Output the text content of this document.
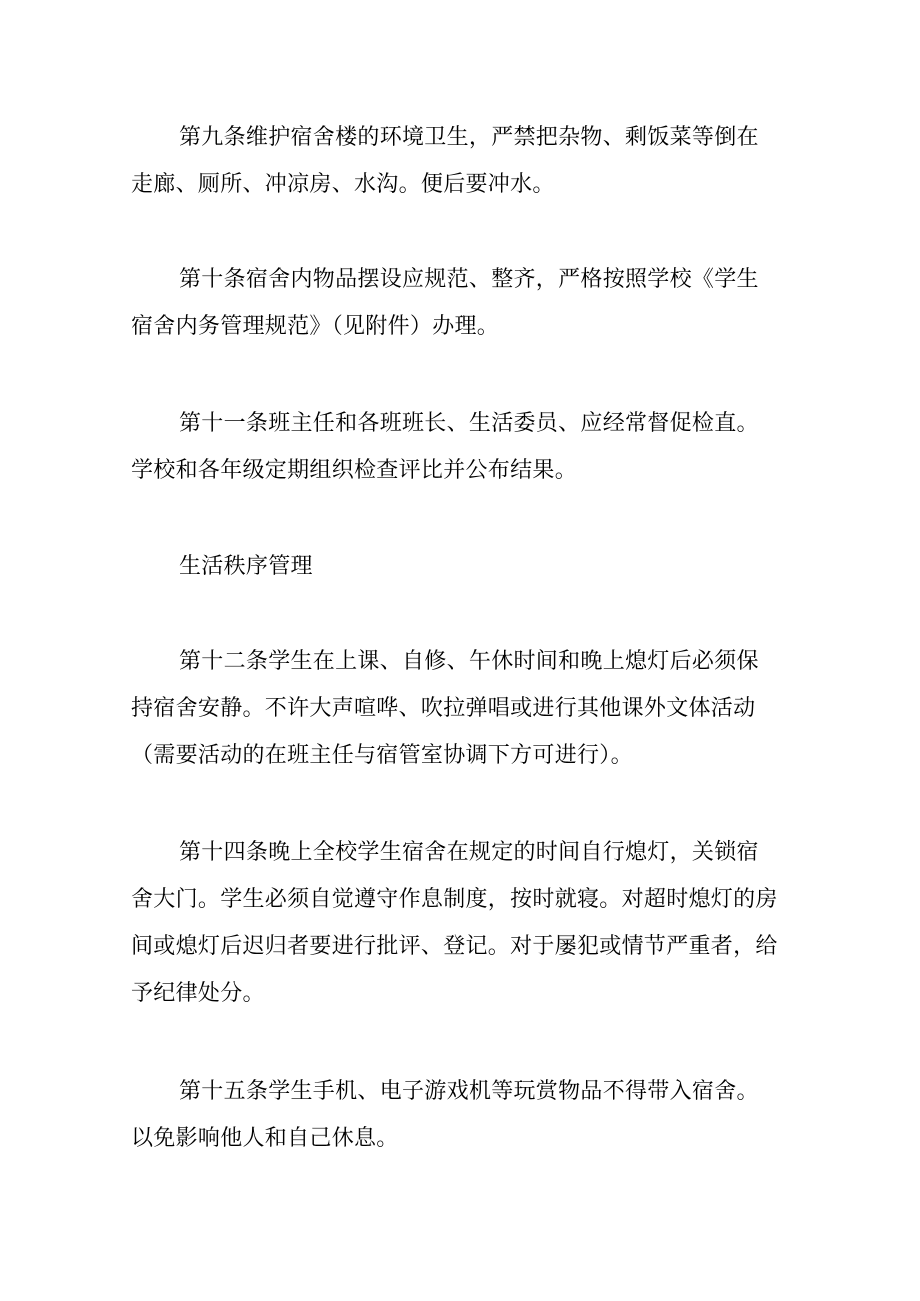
第九条维护宿舍楼的环境卫生，严禁把杂物、剩饭菜等倒在
走廊、厕所、冲凉房、水沟。便后要冲水。

第十条宿舍内物品摆设应规范、整齐，严格按照学校《学生
宿舍内务管理规范》（见附件）办理。

第十一条班主任和各班班长、生活委员、应经常督促检直。
学校和各年级定期组织检查评比并公布结果。

生活秩序管理

第十二条学生在上课、自修、午休时间和晚上熄灯后必须保
持宿舍安静。不许大声喧哗、吹拉弹唱或进行其他课外文体活动
（需要活动的在班主任与宿管室协调下方可进行）。

第十四条晚上全校学生宿舍在规定的时间自行熄灯，关锁宿
舍大门。学生必须自觉遵守作息制度，按时就寝。对超时熄灯的房
间或熄灯后迟归者要进行批评、登记。对于屡犯或情节严重者，给
予纪律处分。

第十五条学生手机、电子游戏机等玩赏物品不得带入宿舍。
以免影响他人和自己休息。
